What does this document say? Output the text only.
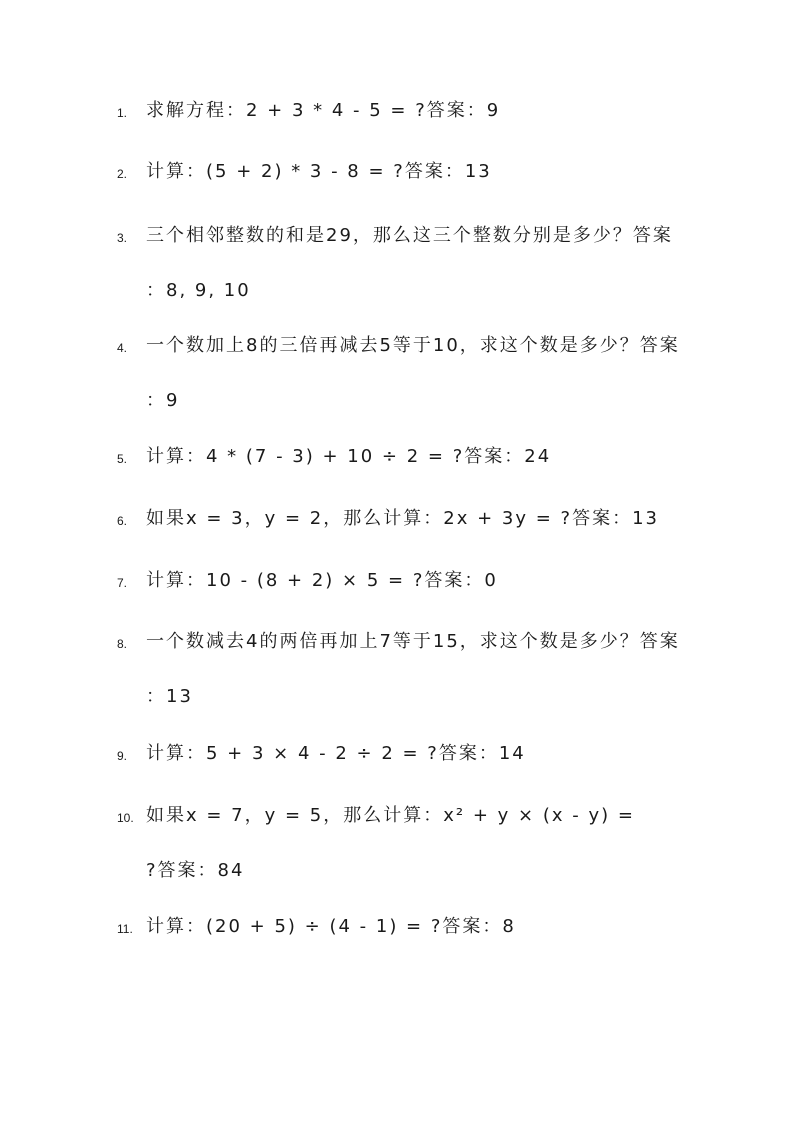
1. 求解方程：2 + 3 * 4 - 5 = ?答案：9
2. 计算：(5 + 2) * 3 - 8 = ?答案：13
3. 三个相邻整数的和是29，那么这三个整数分别是多少？答案
：8, 9, 10
4. 一个数加上8的三倍再减去5等于10，求这个数是多少？答案
：9
5. 计算：4 * (7 - 3) + 10 ÷ 2 = ?答案：24
6. 如果x = 3，y = 2，那么计算：2x + 3y = ?答案：13
7. 计算：10 - (8 + 2) × 5 = ?答案：0
8. 一个数减去4的两倍再加上7等于15，求这个数是多少？答案
：13
9. 计算：5 + 3 × 4 - 2 ÷ 2 = ?答案：14
10. 如果x = 7，y = 5，那么计算：x² + y × (x - y) =
?答案：84
11. 计算：(20 + 5) ÷ (4 - 1) = ?答案：8
